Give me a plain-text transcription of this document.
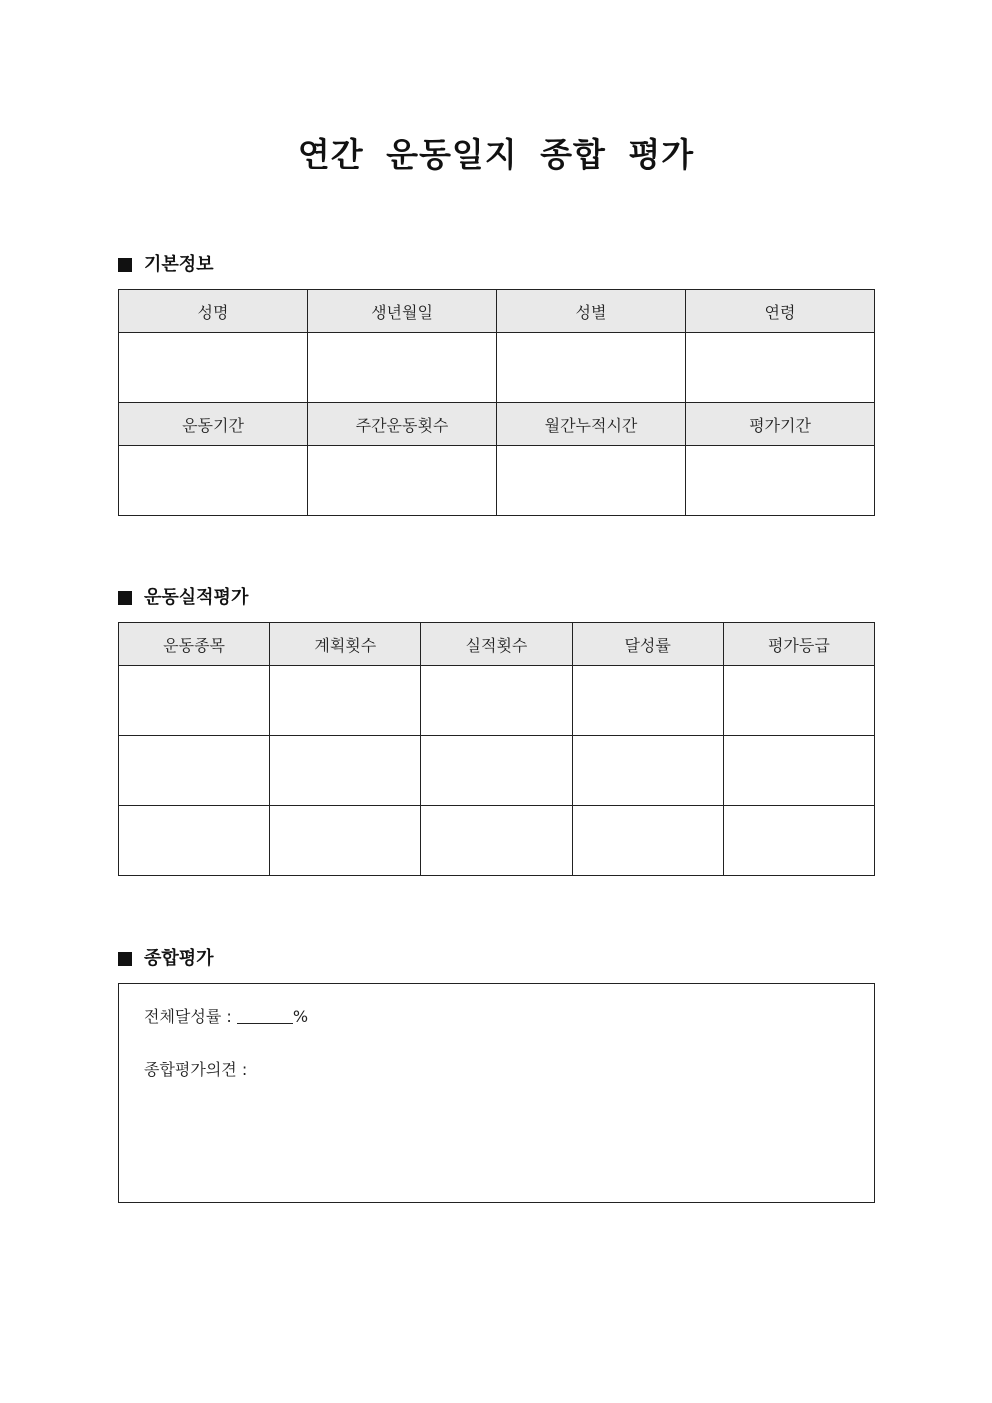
연간 운동일지 종합 평가
기본정보
성명	생년월일	성별	연령

운동기간	주간운동횟수	월간누적시간	평가기간

운동실적평가
운동종목	계획횟수	실적횟수	달성률	평가등급

종합평가
전체달성률 :	%
종합평가의견 :
